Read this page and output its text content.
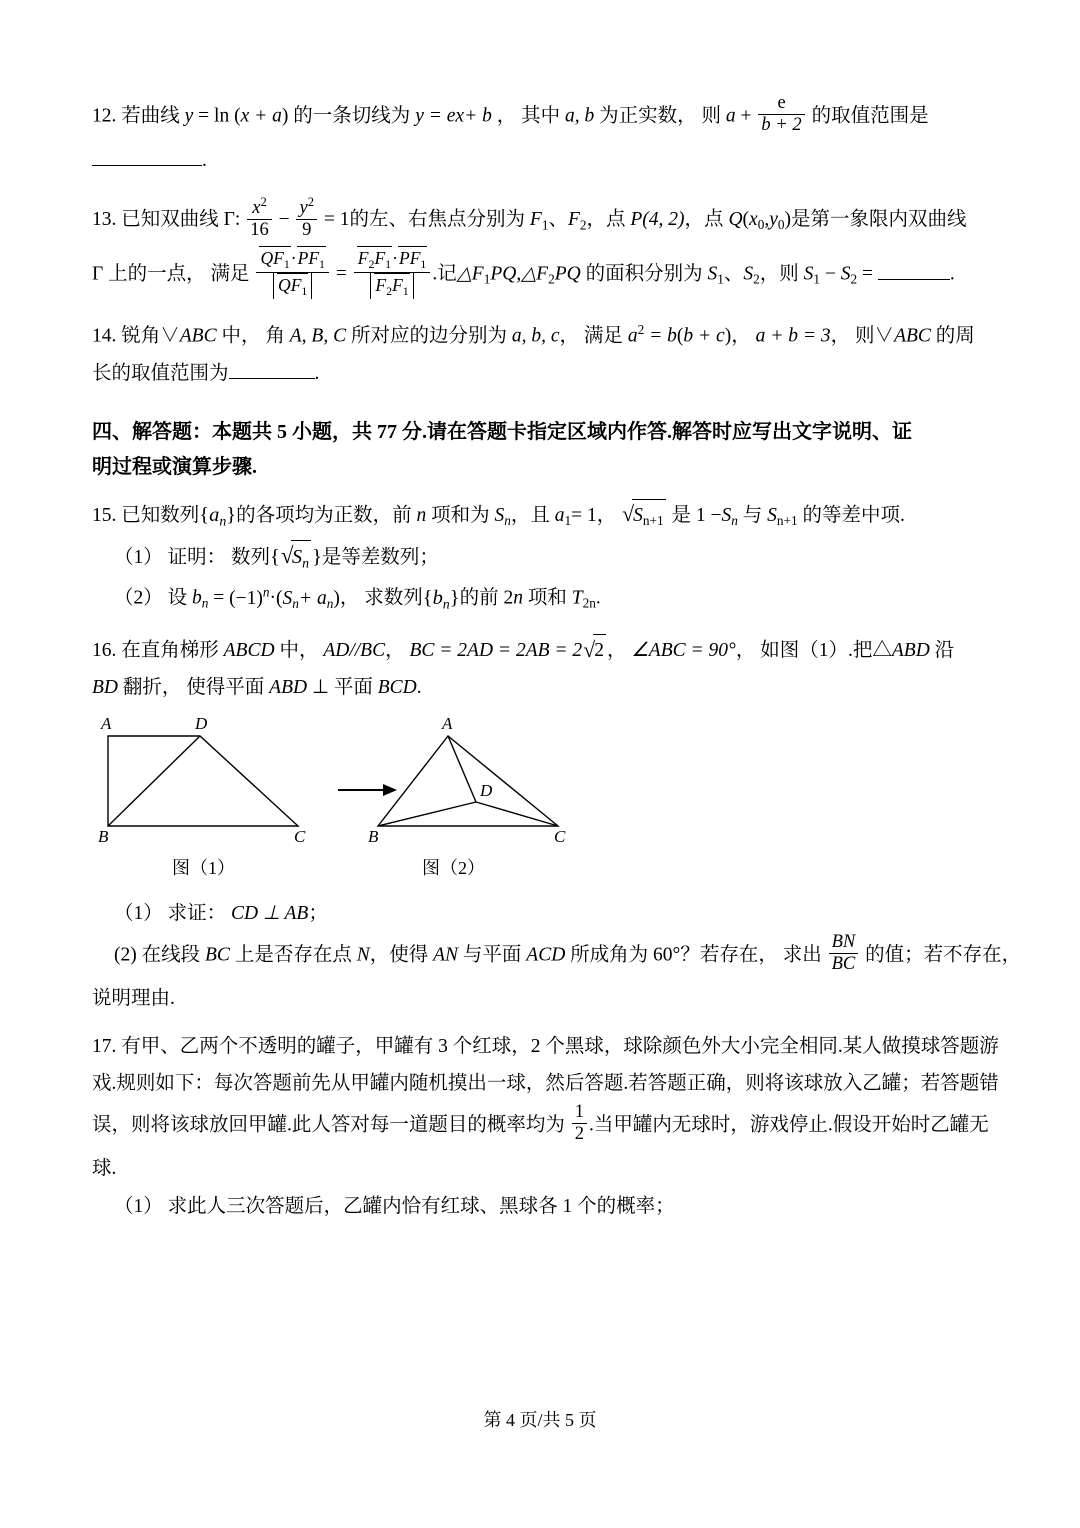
12. 若曲线 y = ln (x + a) 的一条切线为 y = ex+ b ， 其中 a, b 为正实数， 则 $a + \frac{e}{b + 2}$ 的取值范围是
.
13. 已知双曲线 Γ: $\frac{x^2}{16} - \frac{y^2}{9} = 1$的左、右焦点分别为 $F_1$、$F_2$，点 P(4, 2)，点 $Q(x_0,y_0)$是第一象限内双曲线
Γ 上的一点， 满足 $\frac{QF_1\cdot PF_1}{QF_1} = \frac{F_2F_1\cdot PF_1}{F_2F_1}$ .记$\triangle F_1PQ,\triangle F_2PQ$ 的面积分别为 $S_1$、$S_2$，则 $S_1 - S_2$ =	.
14. 锐角∨ABC 中， 角 A, B, C 所对应的边分别为 a, b, c， 满足 $a^2 = b(b + c)$， a + b = 3， 则∨ABC 的周
长的取值范围为	.
四、解答题：本题共 5 小题，共 77 分.请在答题卡指定区域内作答.解答时应写出文字说明、证
明过程或演算步骤.
15. 已知数列$\{a_n\}$的各项均为正数，前 n 项和为 $S_n$，且 $a_1= 1$， √ $S_{n+1}$ 是 $1 -S_n$ 与 $S_{n+1}$ 的等差中项.
（1） 证明： 数列{ √ $S_n$ }是等差数列；
（2） 设 $b_n = (-1)^n\cdot(S_n+ a_n)$， 求数列$\{b_n\}$的前 2n 项和 $T_{2n}$.
16. 在直角梯形 ABCD 中， AD//BC， BC = 2AD = 2AB = 2 √ 2 ， ∠ABC = 90°， 如图（1）.把△ABD 沿
BD 翻折， 使得平面 ABD ⊥ 平面 BCD.
A	D
B	C
A
D
B	C
图（1）	图（2）
（1） 求证： CD ⊥ AB；
(2) 在线段 BC 上是否存在点 N，使得 AN 与平面 ACD 所成角为 60°？若存在， 求出 $\frac{BN}{BC}$ 的值；若不存在，
说明理由.
17. 有甲、乙两个不透明的罐子，甲罐有 3 个红球，2 个黑球，球除颜色外大小完全相同.某人做摸球答题游
戏.规则如下：每次答题前先从甲罐内随机摸出一球，然后答题.若答题正确，则将该球放入乙罐；若答题错
误，则将该球放回甲罐.此人答对每一道题目的概率均为 $\frac{1}{2}$ .当甲罐内无球时，游戏停止.假设开始时乙罐无
球.
（1） 求此人三次答题后，乙罐内恰有红球、黑球各 1 个的概率；
第 4 页/共 5 页
